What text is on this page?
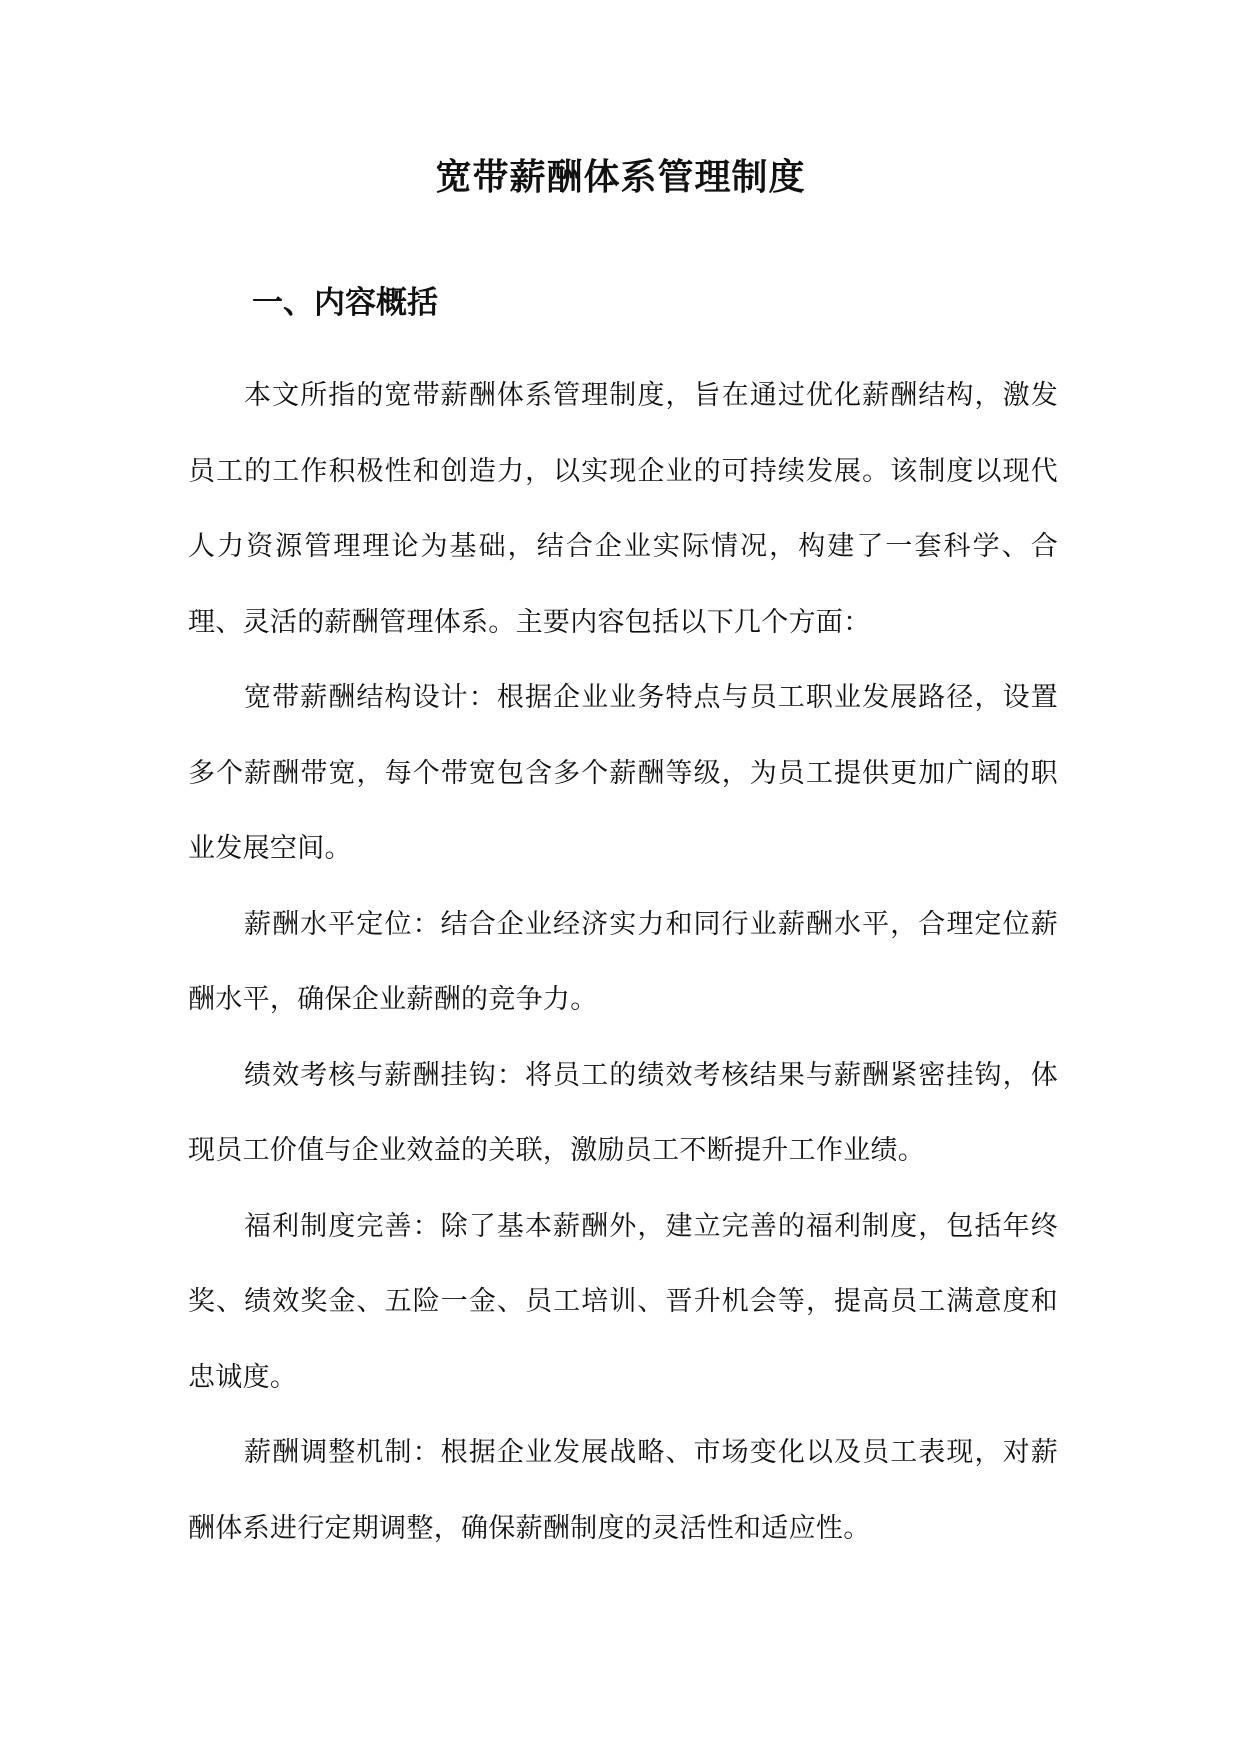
宽带薪酬体系管理制度
一、内容概括

本文所指的宽带薪酬体系管理制度，旨在通过优化薪酬结构，激发员工的工作积极性和创造力，以实现企业的可持续发展。该制度以现代人力资源管理理论为基础，结合企业实际情况，构建了一套科学、合理、灵活的薪酬管理体系。主要内容包括以下几个方面：

宽带薪酬结构设计：根据企业业务特点与员工职业发展路径，设置多个薪酬带宽，每个带宽包含多个薪酬等级，为员工提供更加广阔的职业发展空间。

薪酬水平定位：结合企业经济实力和同行业薪酬水平，合理定位薪酬水平，确保企业薪酬的竞争力。

绩效考核与薪酬挂钩：将员工的绩效考核结果与薪酬紧密挂钩，体现员工价值与企业效益的关联，激励员工不断提升工作业绩。

福利制度完善：除了基本薪酬外，建立完善的福利制度，包括年终奖、绩效奖金、五险一金、员工培训、晋升机会等，提高员工满意度和忠诚度。

薪酬调整机制：根据企业发展战略、市场变化以及员工表现，对薪酬体系进行定期调整，确保薪酬制度的灵活性和适应性。
